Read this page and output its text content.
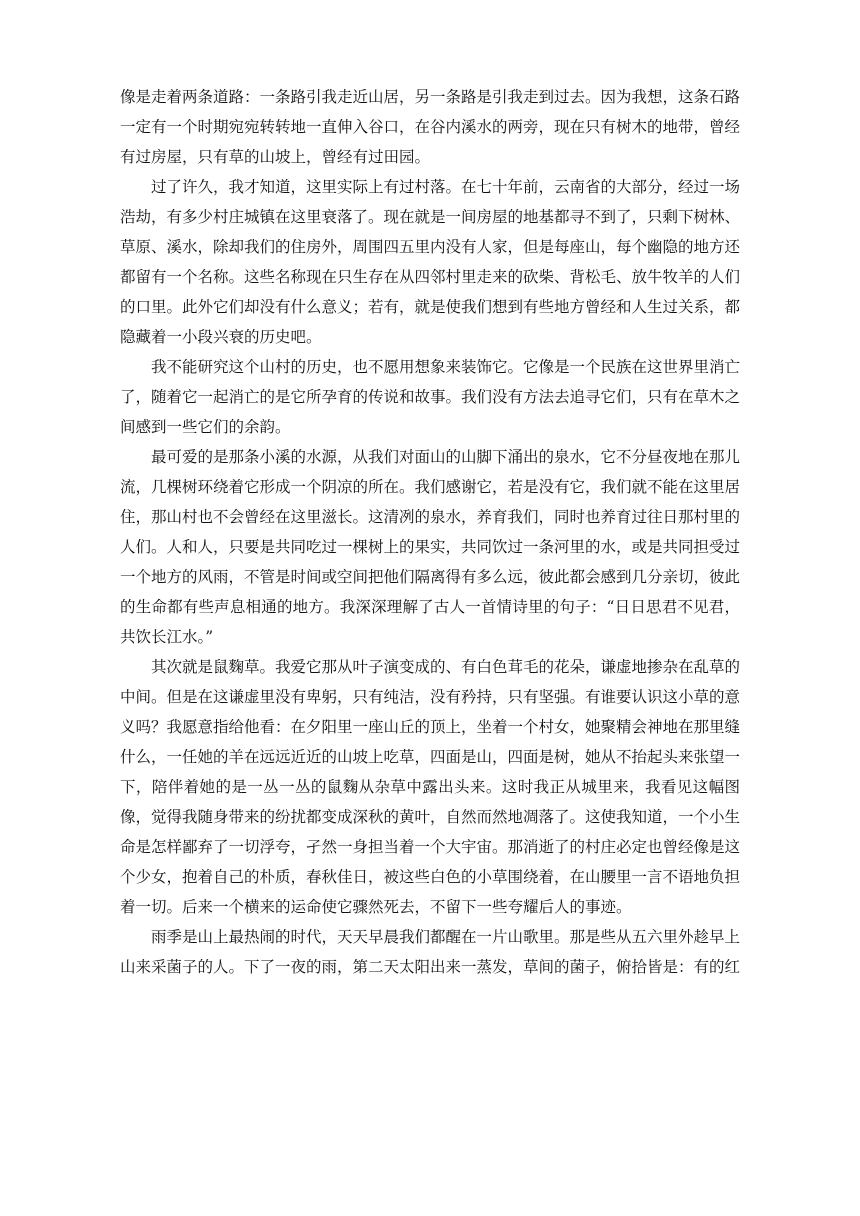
像是走着两条道路：一条路引我走近山居，另一条路是引我走到过去。因为我想，这条石路一定有一个时期宛宛转转地一直伸入谷口，在谷内溪水的两旁，现在只有树木的地带，曾经有过房屋，只有草的山坡上，曾经有过田园。

过了许久，我才知道，这里实际上有过村落。在七十年前，云南省的大部分，经过一场浩劫，有多少村庄城镇在这里衰落了。现在就是一间房屋的地基都寻不到了，只剩下树林、草原、溪水，除却我们的住房外，周围四五里内没有人家，但是每座山，每个幽隐的地方还都留有一个名称。这些名称现在只生存在从四邻村里走来的砍柴、背松毛、放牛牧羊的人们的口里。此外它们却没有什么意义；若有，就是使我们想到有些地方曾经和人生过关系，都隐藏着一小段兴衰的历史吧。

我不能研究这个山村的历史，也不愿用想象来装饰它。它像是一个民族在这世界里消亡了，随着它一起消亡的是它所孕育的传说和故事。我们没有方法去追寻它们，只有在草木之间感到一些它们的余韵。

最可爱的是那条小溪的水源，从我们对面山的山脚下涌出的泉水，它不分昼夜地在那儿流，几棵树环绕着它形成一个阴凉的所在。我们感谢它，若是没有它，我们就不能在这里居住，那山村也不会曾经在这里滋长。这清冽的泉水，养育我们，同时也养育过往日那村里的人们。人和人，只要是共同吃过一棵树上的果实，共同饮过一条河里的水，或是共同担受过一个地方的风雨，不管是时间或空间把他们隔离得有多么远，彼此都会感到几分亲切，彼此的生命都有些声息相通的地方。我深深理解了古人一首情诗里的句子：“日日思君不见君，共饮长江水。”

其次就是鼠麴草。我爱它那从叶子演变成的、有白色茸毛的花朵，谦虚地掺杂在乱草的中间。但是在这谦虚里没有卑躬，只有纯洁，没有矜持，只有坚强。有谁要认识这小草的意义吗？我愿意指给他看：在夕阳里一座山丘的顶上，坐着一个村女，她聚精会神地在那里缝什么，一任她的羊在远远近近的山坡上吃草，四面是山，四面是树，她从不抬起头来张望一下，陪伴着她的是一丛一丛的鼠麴从杂草中露出头来。这时我正从城里来，我看见这幅图像，觉得我随身带来的纷扰都变成深秋的黄叶，自然而然地凋落了。这使我知道，一个小生命是怎样鄙弃了一切浮夸，孑然一身担当着一个大宇宙。那消逝了的村庄必定也曾经像是这个少女，抱着自己的朴质，春秋佳日，被这些白色的小草围绕着，在山腰里一言不语地负担着一切。后来一个横来的运命使它骤然死去，不留下一些夸耀后人的事迹。

雨季是山上最热闹的时代，天天早晨我们都醒在一片山歌里。那是些从五六里外趁早上山来采菌子的人。下了一夜的雨，第二天太阳出来一蒸发，草间的菌子，俯拾皆是：有的红
